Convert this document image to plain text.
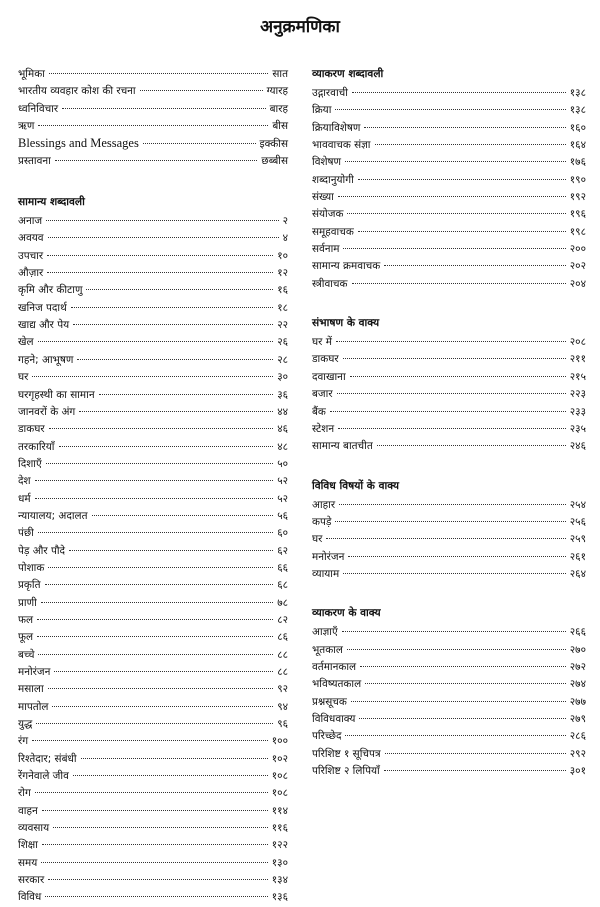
अनुक्रमणिका
भूमिका	सात
भारतीय व्यवहार कोश की रचना	ग्यारह
ध्वनिविचार	बारह
ऋण	बीस
Blessings and Messages	इक्कीस
प्रस्तावना	छब्बीस
सामान्य शब्दावली
अनाज	२
अवयव	४
उपचार	१०
औज़ार	१२
कृमि और कीटाणु	१६
खनिज पदार्थ	१८
खाद्य और पेय	२२
खेल	२६
गहने; आभूषण	२८
घर	३०
घरगृहस्थी का सामान	३६
जानवरों के अंग	४४
डाकघर	४६
तरकारियाँ	४८
दिशाएँ	५०
देश	५२
धर्म	५२
न्यायालय; अदालत	५६
पंछी	६०
पेड़ और पौदे	६२
पोशाक	६६
प्रकृति	६८
प्राणी	७८
फल	८२
फूल	८६
बच्चे	८८
मनोरंजन	८८
मसाला	९२
मापतोल	९४
युद्ध	९६
रंग	१००
रिश्तेदार; संबंधी	१०२
रेंगनेवाले जीव	१०८
रोग	१०८
वाहन	११४
व्यवसाय	११६
शिक्षा	१२२
समय	१३०
सरकार	१३४
विविध	१३६
व्याकरण शब्दावली
उद्गारवाची	१३८
क्रिया	१३८
क्रियाविशेषण	१६०
भाववाचक संज्ञा	१६४
विशेषण	१७६
शब्दानुयोगी	१९०
संख्या	१९२
संयोजक	१९६
समूहवाचक	१९८
सर्वनाम	२००
सामान्य क्रमवाचक	२०२
स्त्रीवाचक	२०४
संभाषण के वाक्य
घर में	२०८
डाकघर	२११
दवाखाना	२१५
बजार	२२३
बैंक	२३३
स्टेशन	२३५
सामान्य बातचीत	२४६
विविध विषयों के वाक्य
आहार	२५४
कपड़े	२५६
घर	२५९
मनोरंजन	२६१
व्यायाम	२६४
व्याकरण के वाक्य
आज्ञाएँ	२६६
भूतकाल	२७०
वर्तमानकाल	२७२
भविष्यतकाल	२७४
प्रश्नसूचक	२७७
विविधवाक्य	२७९
परिच्छेद	२८६
परिशिष्ट १ सूचिपत्र	२९२
परिशिष्ट २ लिपियाँ	३०१
